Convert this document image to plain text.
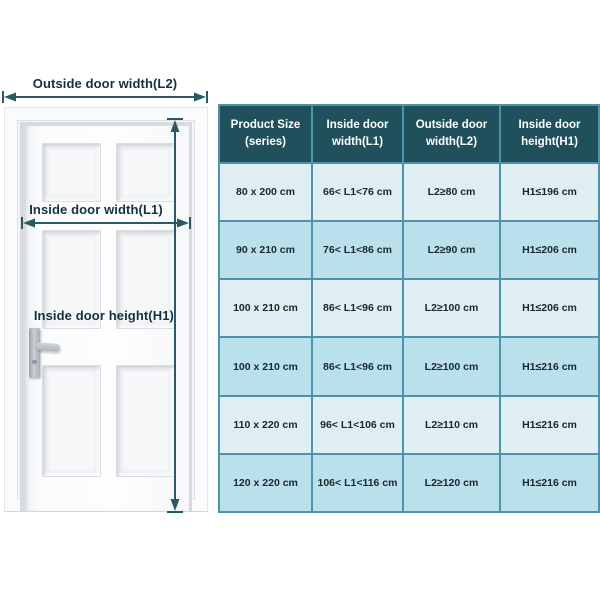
Outside door width(L2)
Inside door width(L1)
Inside door height(H1)
Product Size (series)	Inside door width(L1)	Outside door width(L2)	Inside door height(H1)
80 x 200 cm	66< L1<76 cm	L2≥80 cm	H1≤196 cm
90 x 210 cm	76< L1<86 cm	L2≥90 cm	H1≤206 cm
100 x 210 cm	86< L1<96 cm	L2≥100 cm	H1≤206 cm
100 x 210 cm	86< L1<96 cm	L2≥100 cm	H1≤216 cm
110 x 220 cm	96< L1<106 cm	L2≥110 cm	H1≤216 cm
120 x 220 cm	106< L1<116 cm	L2≥120 cm	H1≤216 cm
